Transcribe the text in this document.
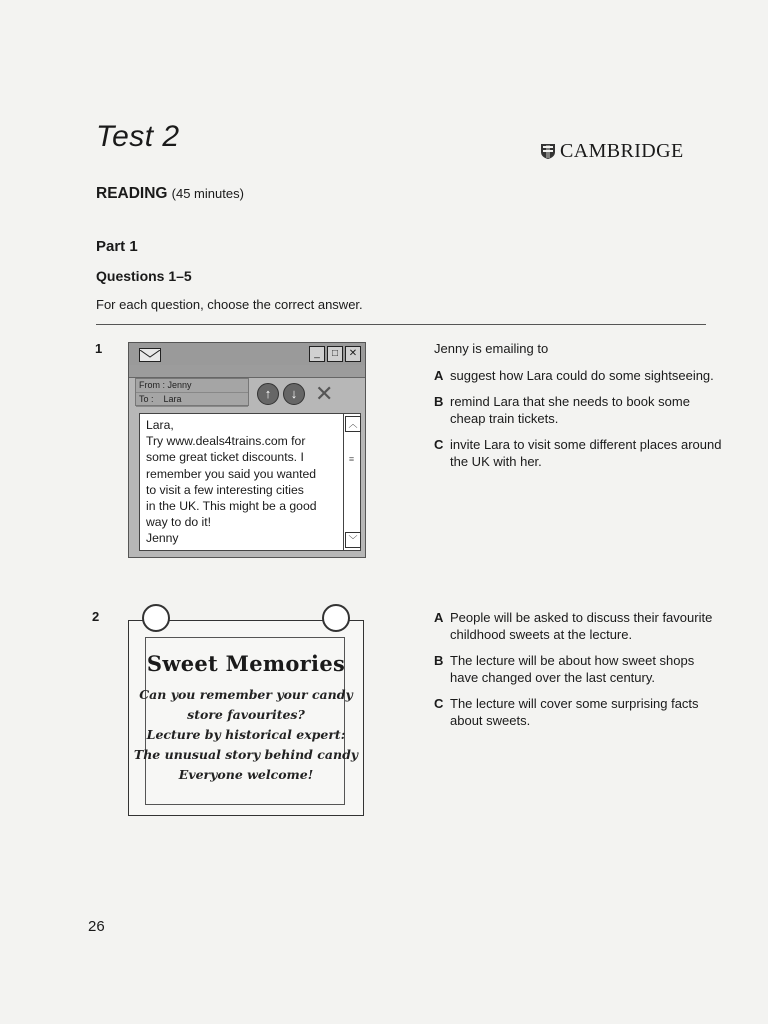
Test 2	CAMBRIDGE
READING (45 minutes)
Part 1
Questions 1–5
For each question, choose the correct answer.
1	_	□	✕
From : Jenny
To : Lara	↑	↓ ✕
Lara,
Try www.deals4trains.com for
some great ticket discounts. I
remember you said you wanted
to visit a few interesting cities
in the UK. This might be a good
way to do it!
Jenny
︿
≡
﹀
Jenny is emailing to
A suggest how Lara could do some sightseeing.
B remind Lara that she needs to book some cheap train tickets.
C invite Lara to visit some different places around the UK with her.
2
Sweet Memories
Can you remember your candy
store favourites?
Lecture by historical expert:
The unusual story behind candy
Everyone welcome!
A People will be asked to discuss their favourite childhood sweets at the lecture.
B The lecture will be about how sweet shops have changed over the last century.
C The lecture will cover some surprising facts about sweets.
26
